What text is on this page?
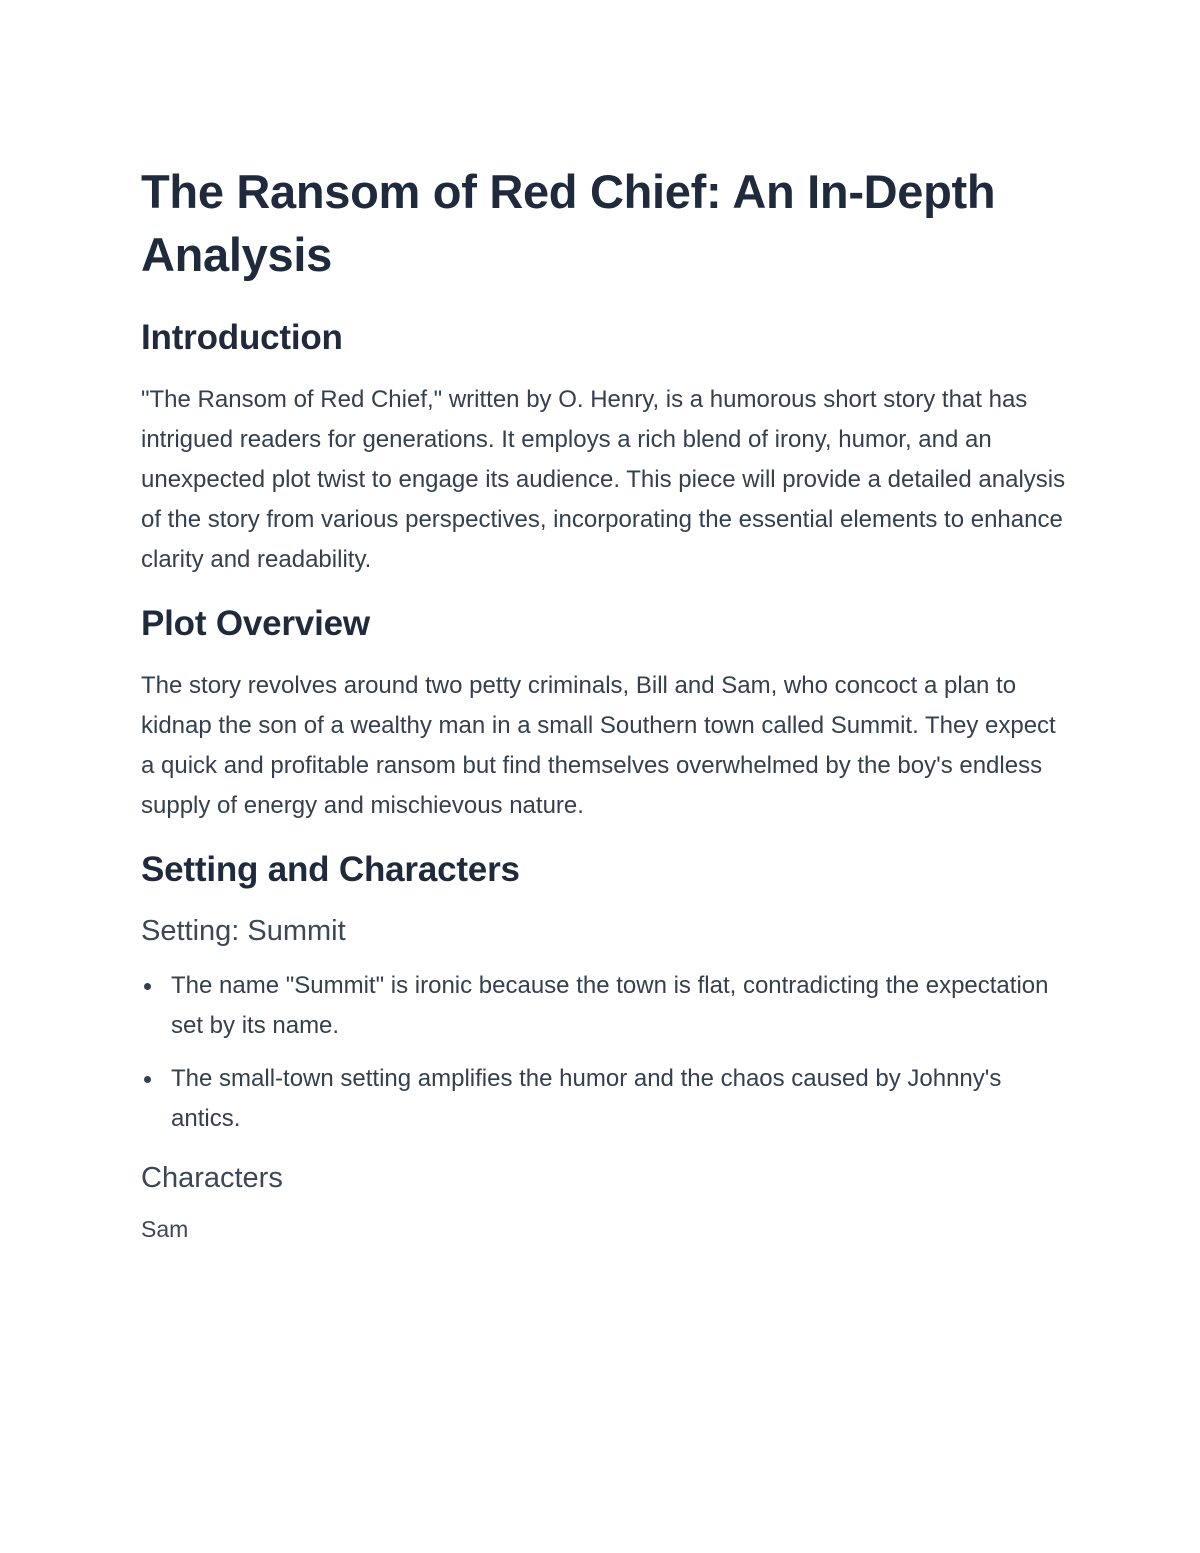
The Ransom of Red Chief: An In-Depth Analysis
Introduction

"The Ransom of Red Chief," written by O. Henry, is a humorous short story that has intrigued readers for generations. It employs a rich blend of irony, humor, and an unexpected plot twist to engage its audience. This piece will provide a detailed analysis of the story from various perspectives, incorporating the essential elements to enhance clarity and readability.

Plot Overview

The story revolves around two petty criminals, Bill and Sam, who concoct a plan to kidnap the son of a wealthy man in a small Southern town called Summit. They expect a quick and profitable ransom but find themselves overwhelmed by the boy's endless supply of energy and mischievous nature.

Setting and Characters
Setting: Summit
The name "Summit" is ironic because the town is flat, contradicting the expectation set by its name.
The small-town setting amplifies the humor and the chaos caused by Johnny's antics.
Characters
Sam
